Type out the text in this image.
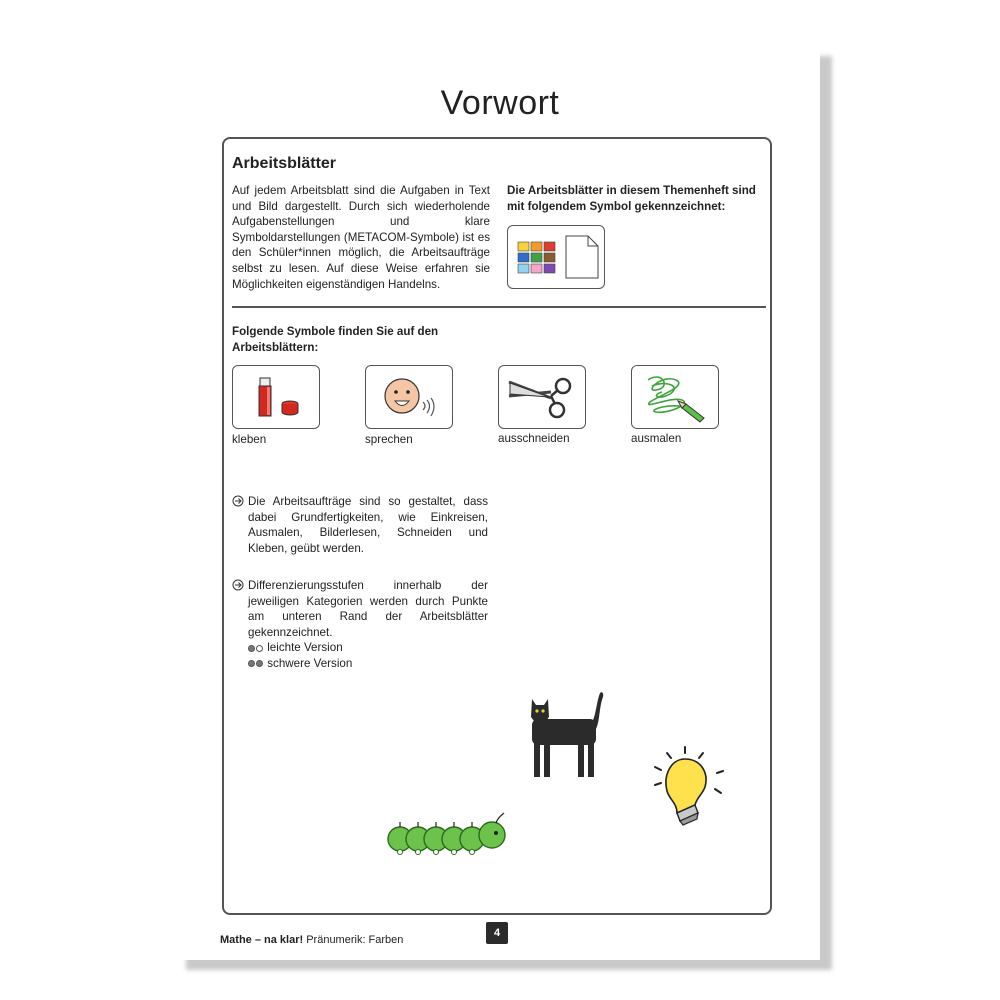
Vorwort
Arbeitsblätter
Auf jedem Arbeitsblatt sind die Aufgaben in Text und Bild dargestellt. Durch sich wiederholende Aufgabenstellungen und klare Symboldarstellungen (METACOM-Symbole) ist es den Schüler*innen möglich, die Arbeitsaufträge selbst zu lesen. Auf diese Weise erfahren sie Möglichkeiten eigenständigen Handelns.
Die Arbeitsblätter in diesem Themenheft sind mit folgendem Symbol gekennzeichnet:
Folgende Symbole finden Sie auf den Arbeitsblättern:
kleben	sprechen	ausschneiden	ausmalen
Die Arbeitsaufträge sind so gestaltet, dass dabei Grundfertigkeiten, wie Einkreisen, Ausmalen, Bilderlesen, Schneiden und Kleben, geübt werden.
Differenzierungsstufen innerhalb der jeweiligen Kategorien werden durch Punkte am unteren Rand der Arbeitsblätter gekennzeichnet.
leichte Version
schwere Version
4
Mathe – na klar! Pränumerik: Farben
